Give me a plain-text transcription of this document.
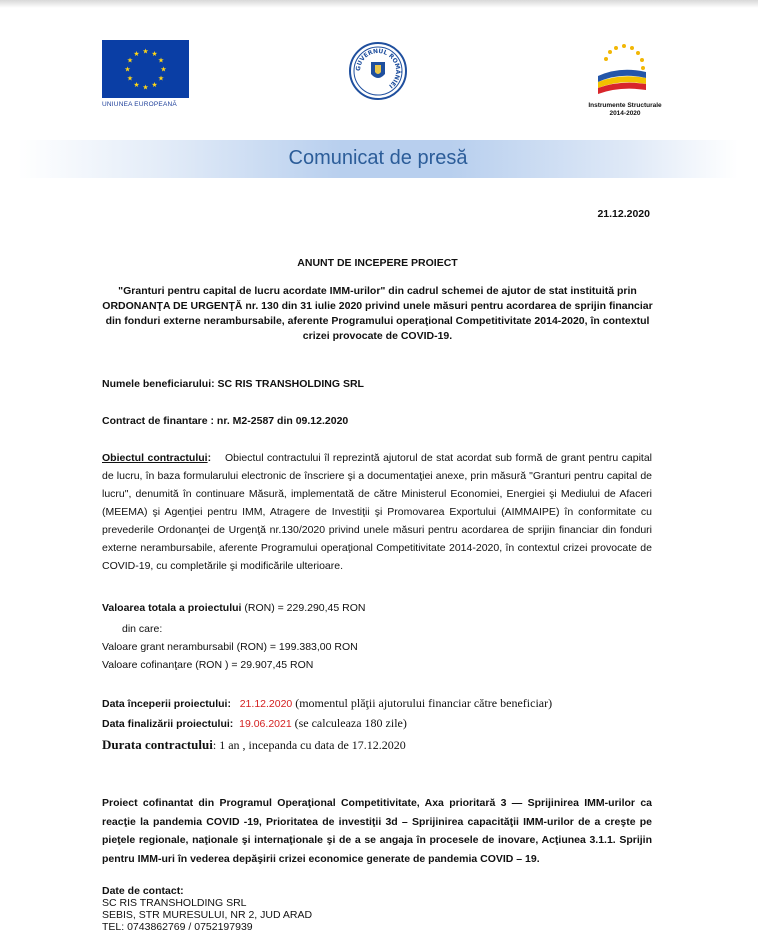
★ ★
★
★
★
★
★
★
★
★
★
★
UNIUNEA EUROPEANĂ
GUVERNUL ROMÂNIEI
Instrumente Structurale
2014-2020
Comunicat de presă
21.12.2020
ANUNT DE INCEPERE PROIECT
"Granturi pentru capital de lucru acordate IMM-urilor" din cadrul schemei de ajutor de stat instituită prin
ORDONANŢA DE URGENŢĂ nr. 130 din 31 iulie 2020 privind unele măsuri pentru acordarea de sprijin financiar din fonduri externe nerambursabile, aferente Programului operaţional Competitivitate 2014-2020, în contextul crizei provocate de COVID-19.
Numele beneficiarului: SC RIS TRANSHOLDING SRL
Contract de finantare : nr. M2-2587 din 09.12.2020
Obiectul contractului: Obiectul contractului îl reprezintă ajutorul de stat acordat sub formă de grant pentru capital de lucru, în baza formularului electronic de înscriere şi a documentaţiei anexe, prin măsură "Granturi pentru capital de lucru", denumită în continuare Măsură, implementată de către Ministerul Economiei, Energiei şi Mediului de Afaceri (MEEMA) şi Agenţiei pentru IMM, Atragere de Investiţii şi Promovarea Exportului (AIMMAIPE) în conformitate cu prevederile Ordonanţei de Urgenţă nr.130/2020 privind unele măsuri pentru acordarea de sprijin financiar din fonduri externe nerambursabile, aferente Programului operaţional Competitivitate 2014-2020, în contextul crizei provocate de COVID-19, cu completările şi modificările ulterioare.
Valoarea totala a proiectului (RON) = 229.290,45 RON
din care:
Valoare grant nerambursabil (RON) = 199.383,00 RON
Valoare cofinanţare (RON ) = 29.907,45 RON
Data începerii proiectului: 21.12.2020 (momentul plăţii ajutorului financiar către beneficiar)
Data finalizării proiectului: 19.06.2021 (se calculeaza 180 zile)
Durata contractului: 1 an , incepanda cu data de 17.12.2020
Proiect cofinantat din Programul Operaţional Competitivitate, Axa prioritară 3 — Sprijinirea IMM-urilor ca reacţie la pandemia COVID -19, Prioritatea de investiţii 3d – Sprijinirea capacităţii IMM-urilor de a creşte pe pieţele regionale, naţionale şi internaţionale şi de a se angaja în procesele de inovare, Acţiunea 3.1.1. Sprijin pentru IMM-uri în vederea depăşirii crizei economice generate de pandemia COVID – 19.
Date de contact:
SC RIS TRANSHOLDING SRL
SEBIS, STR MURESULUI, NR 2, JUD ARAD
TEL: 0743862769 / 0752197939
